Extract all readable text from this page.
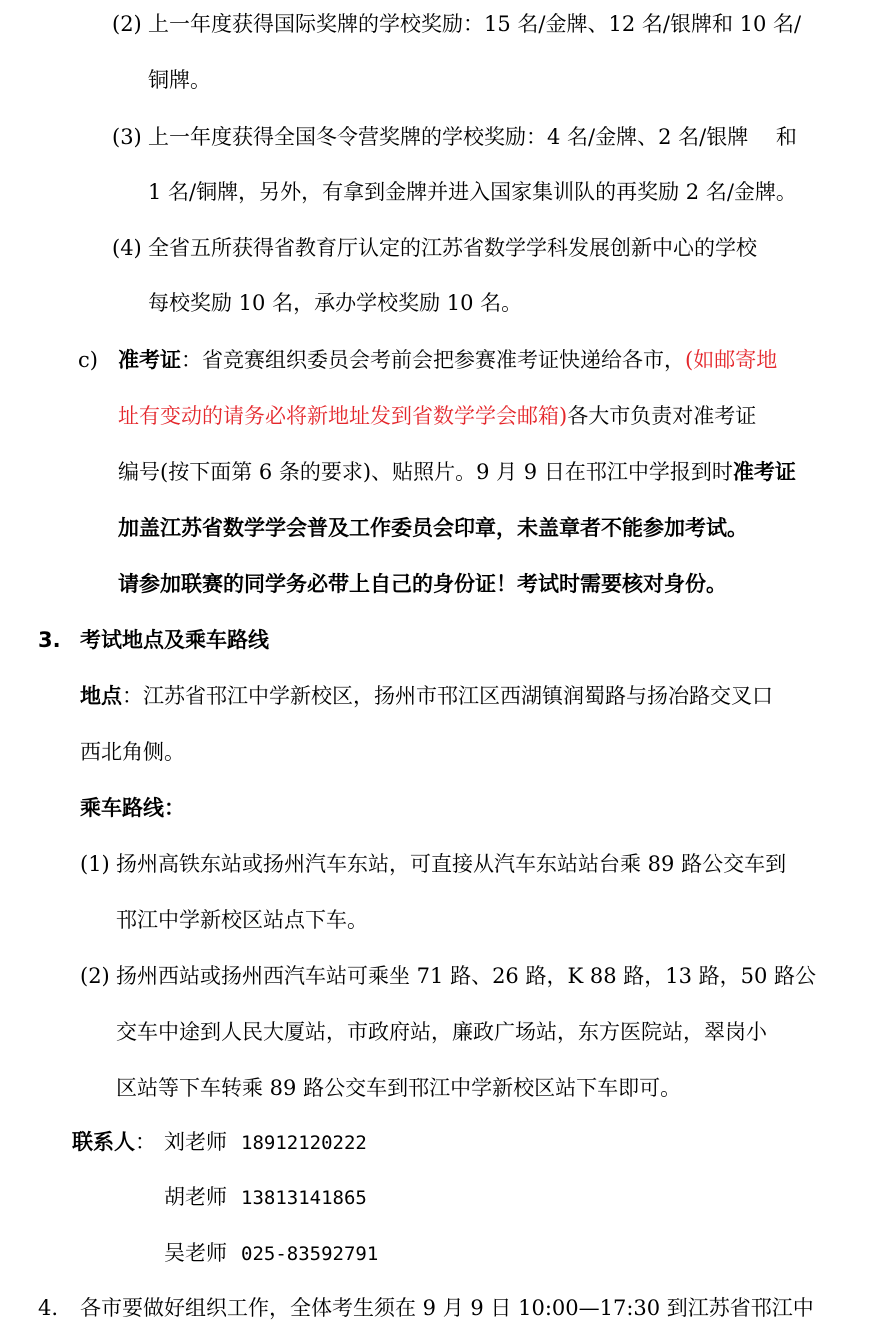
(2) 上一年度获得国际奖牌的学校奖励：15 名/金牌、12 名/银牌和 10 名/
铜牌。
(3) 上一年度获得全国冬令营奖牌的学校奖励：4 名/金牌、2 名/银牌　 和
1 名/铜牌，另外，有拿到金牌并进入国家集训队的再奖励 2 名/金牌。
(4) 全省五所获得省教育厅认定的江苏省数学学科发展创新中心的学校
每校奖励 10 名，承办学校奖励 10 名。
c) 准考证：省竞赛组织委员会考前会把参赛准考证快递给各市，(如邮寄地
址有变动的请务必将新地址发到省数学学会邮箱)各大市负责对准考证
编号(按下面第 6 条的要求)、贴照片。9 月 9 日在邗江中学报到时准考证
加盖江苏省数学学会普及工作委员会印章，未盖章者不能参加考试。
请参加联赛的同学务必带上自己的身份证！考试时需要核对身份。
3. 考试地点及乘车路线
地点：江苏省邗江中学新校区，扬州市邗江区西湖镇润蜀路与扬冶路交叉口
西北角侧。
乘车路线：
(1) 扬州高铁东站或扬州汽车东站，可直接从汽车东站站台乘 89 路公交车到
邗江中学新校区站点下车。
(2) 扬州西站或扬州西汽车站可乘坐 71 路、26 路，K 88 路，13 路，50 路公
交车中途到人民大厦站，市政府站，廉政广场站，东方医院站，翠岗小
区站等下车转乘 89 路公交车到邗江中学新校区站下车即可。
联系人： 刘老师 18912120222
胡老师 13813141865
吴老师 025-83592791
4. 各市要做好组织工作，全体考生须在 9 月 9 日 10:00—17:30 到江苏省邗江中
